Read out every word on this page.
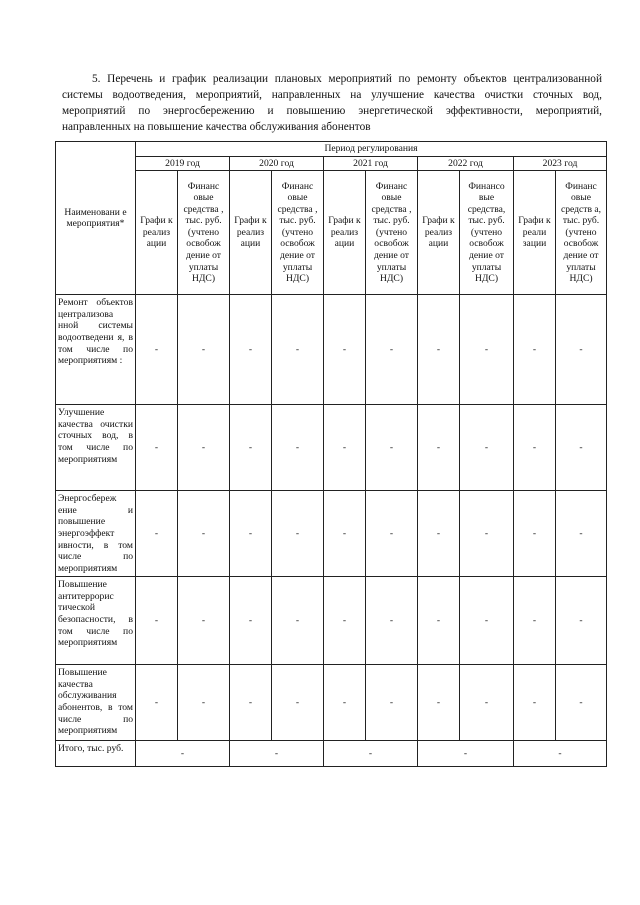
5. Перечень и график реализации плановых мероприятий по ремонту объектов централизованной системы водоотведения, мероприятий, направленных на улучшение качества очистки сточных вод, мероприятий по энергосбережению и повышению энергетической эффективности, мероприятий, направленных на повышение качества обслуживания абонентов

Наименовани е мероприятия*	Период регулирования									
	2019 год		2020 год		2021 год		2022 год		2023 год	
	Графи к реализ ации	Финанс овые средства , тыс. руб. (учтено освобож дение от уплаты НДС)	Графи к реализ ации	Финанс овые средства , тыс. руб. (учтено освобож дение от уплаты НДС)	Графи к реализ ации	Финанс овые средства , тыс. руб. (учтено освобож дение от уплаты НДС)	Графи к реализ ации	Финансо вые средства, тыс. руб. (учтено освобож дение от уплаты НДС)	Графи к реали зации	Финанс овые средств а, тыс. руб. (учтено освобож дение от уплаты НДС)
Ремонт объектов централизова нной системы водоотведени я, в том числе по мероприятиям :	-	-	-	-	-	-	-	-	-	-
Улучшение качества очистки сточных вод, в том числе по мероприятиям	-	-	-	-	-	-	-	-	-	-
Энергосбереж ение и повышение энергоэффект ивности, в том числе по мероприятиям	-	-	-	-	-	-	-	-	-	-
Повышение антитеррорис тической безопасности, в том числе по мероприятиям	-	-	-	-	-	-	-	-	-	-
Повышение качества обслуживания абонентов, в том числе по мероприятиям	-	-	-	-	-	-	-	-	-	-
Итого, тыс. руб.	-		-		-		-		-	
